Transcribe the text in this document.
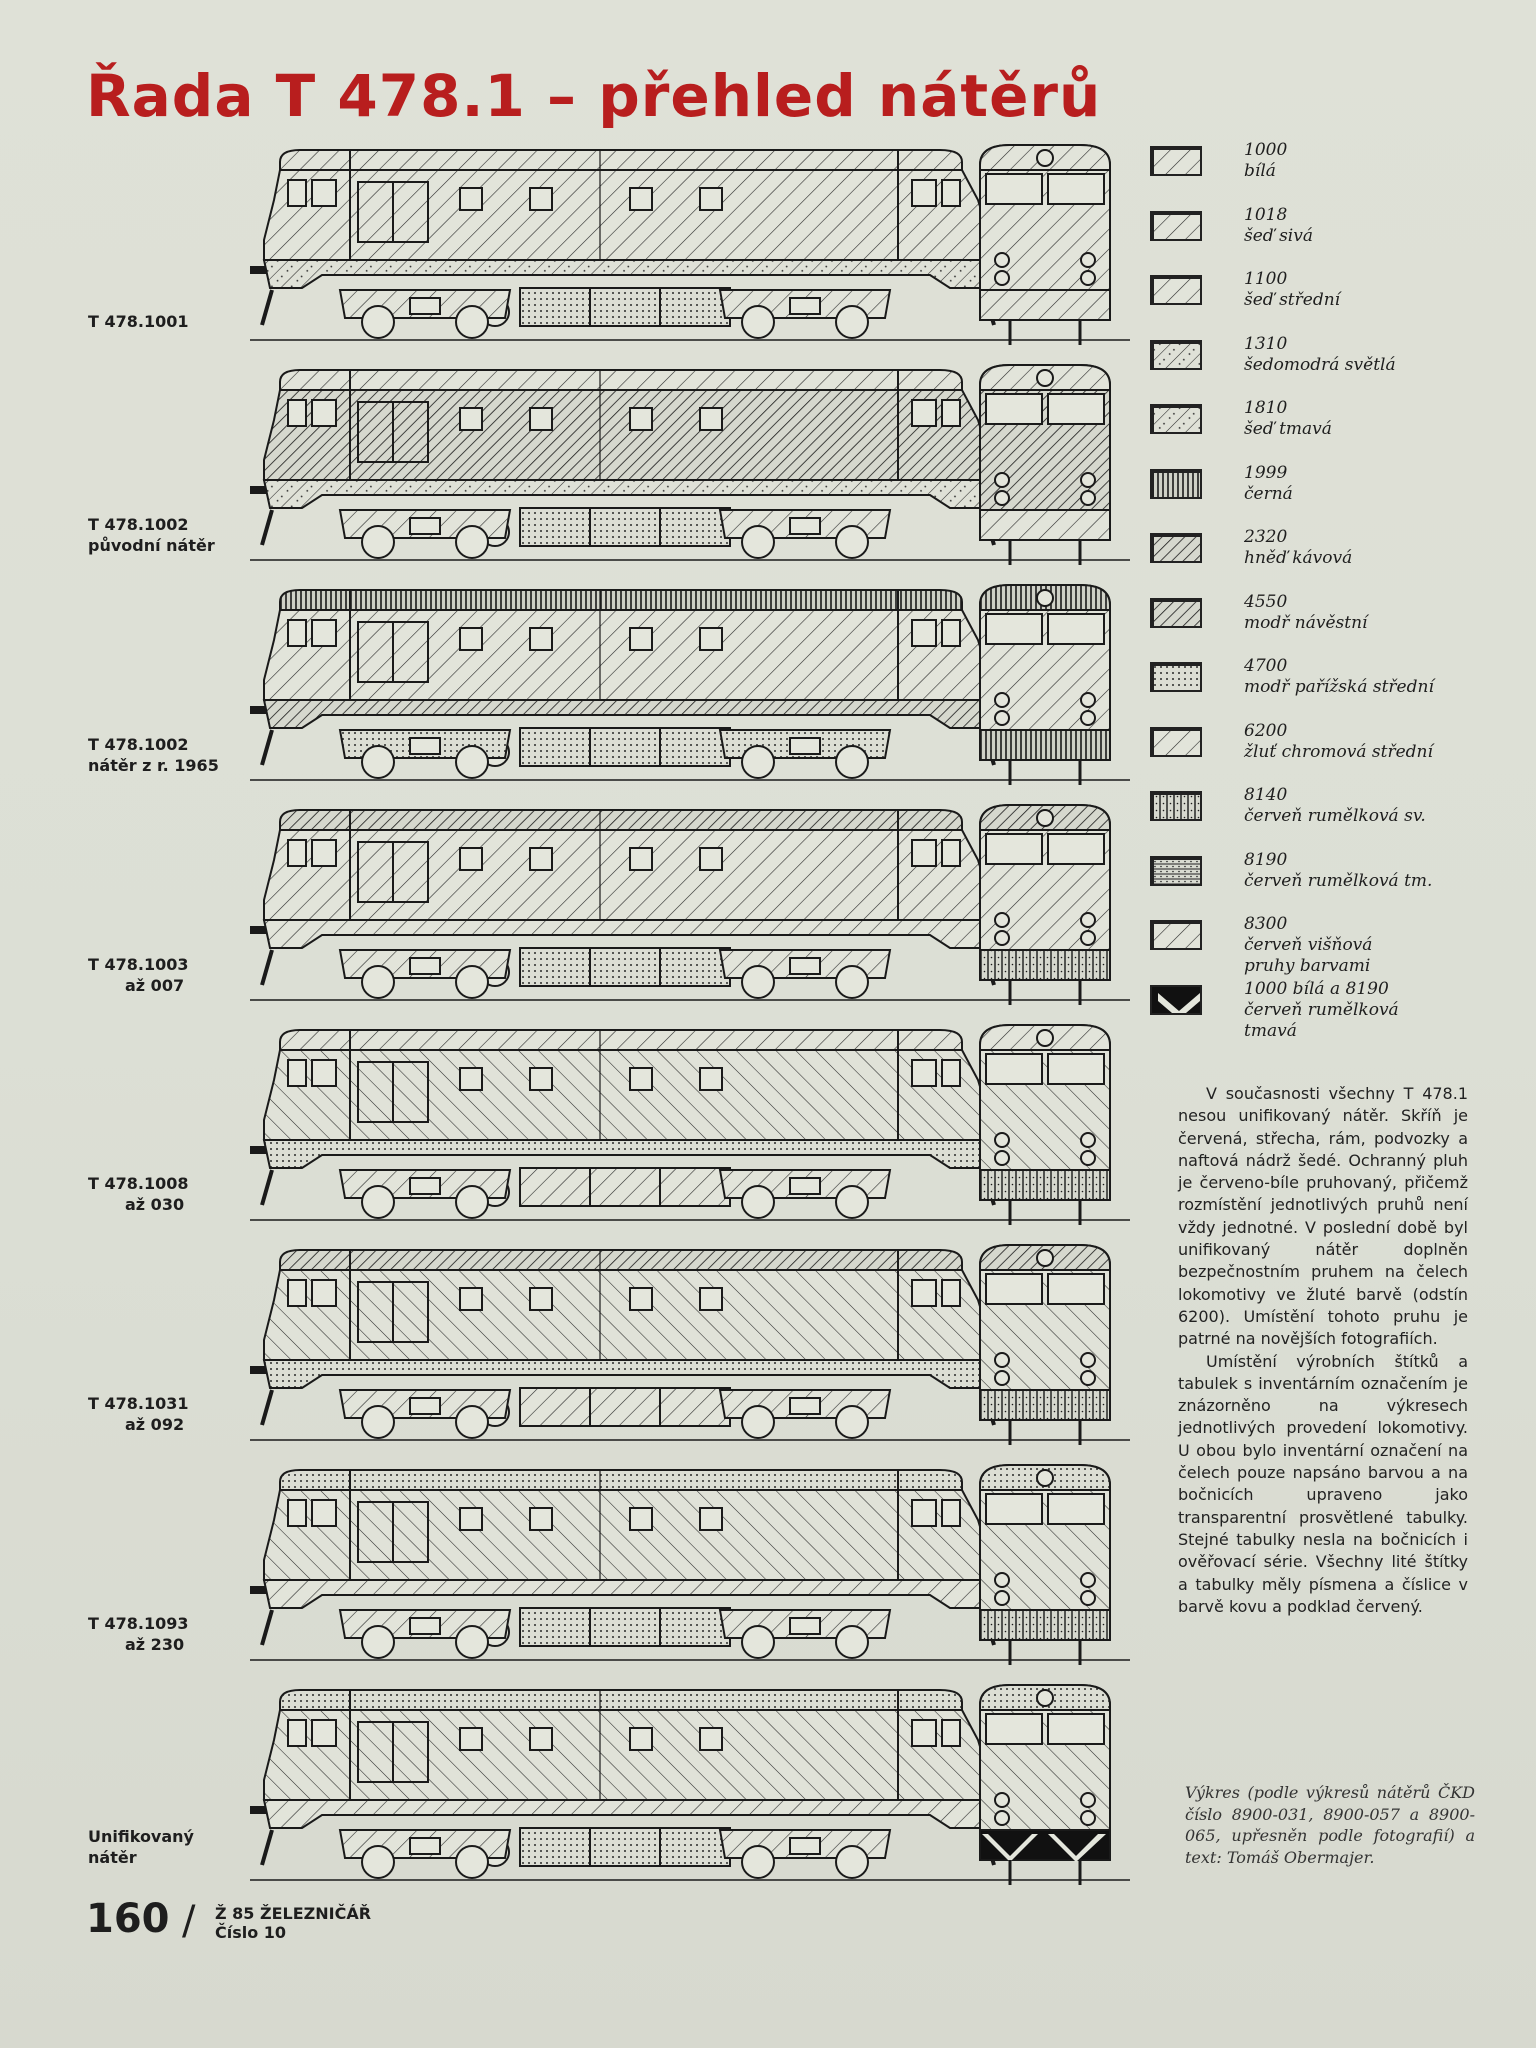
Řada T 478.1 – přehled nátěrů
T 478.1001
T 478.1002
původní nátěr
T 478.1002
nátěr z r. 1965
T 478.1003
až 007
T 478.1008
až 030
T 478.1031
až 092
T 478.1093
až 230
Unifikovaný
nátěr
1000
bílá
1018
šeď sivá
1100
šeď střední
1310
šedomodrá světlá
1810
šeď tmavá
1999
černá
2320
hněď kávová
4550
modř návěstní
4700
modř pařížská střední
6200
žluť chromová střední
8140
červeň rumělková sv.
8190
červeň rumělková tm.
8300
červeň višňová
pruhy barvami
1000 bílá a 8190
červeň rumělková
tmavá

V současnosti všechny T 478.1 nesou unifikovaný nátěr. Skříň je červená, střecha, rám, podvozky a naftová nádrž šedé. Ochranný pluh je červeno-bíle pruhovaný, přičemž rozmístění jednotlivých pruhů není vždy jednotné. V poslední době byl unifikovaný nátěr doplněn bezpečnostním pruhem na čelech lokomotivy ve žluté barvě (odstín 6200). Umístění tohoto pruhu je patrné na novějších fotografiích.

Umístění výrobních štítků a tabulek s inventárním označením je znázorněno na výkresech jednotlivých provedení lokomotivy. U obou bylo inventární označení na čelech pouze napsáno barvou a na bočnicích upraveno jako transparentní prosvětlené tabulky. Stejné tabulky nesla na bočnicích i ověřovací série. Všechny lité štítky a tabulky měly písmena a číslice v barvě kovu a podklad červený.

Výkres (podle výkresů nátěrů ČKD číslo 8900-031, 8900-057 a 8900-065, upřesněn podle fotografií) a text: Tomáš Obermajer.

160 / Ž 85 ŽELEZNIČÁŘ
Číslo 10
